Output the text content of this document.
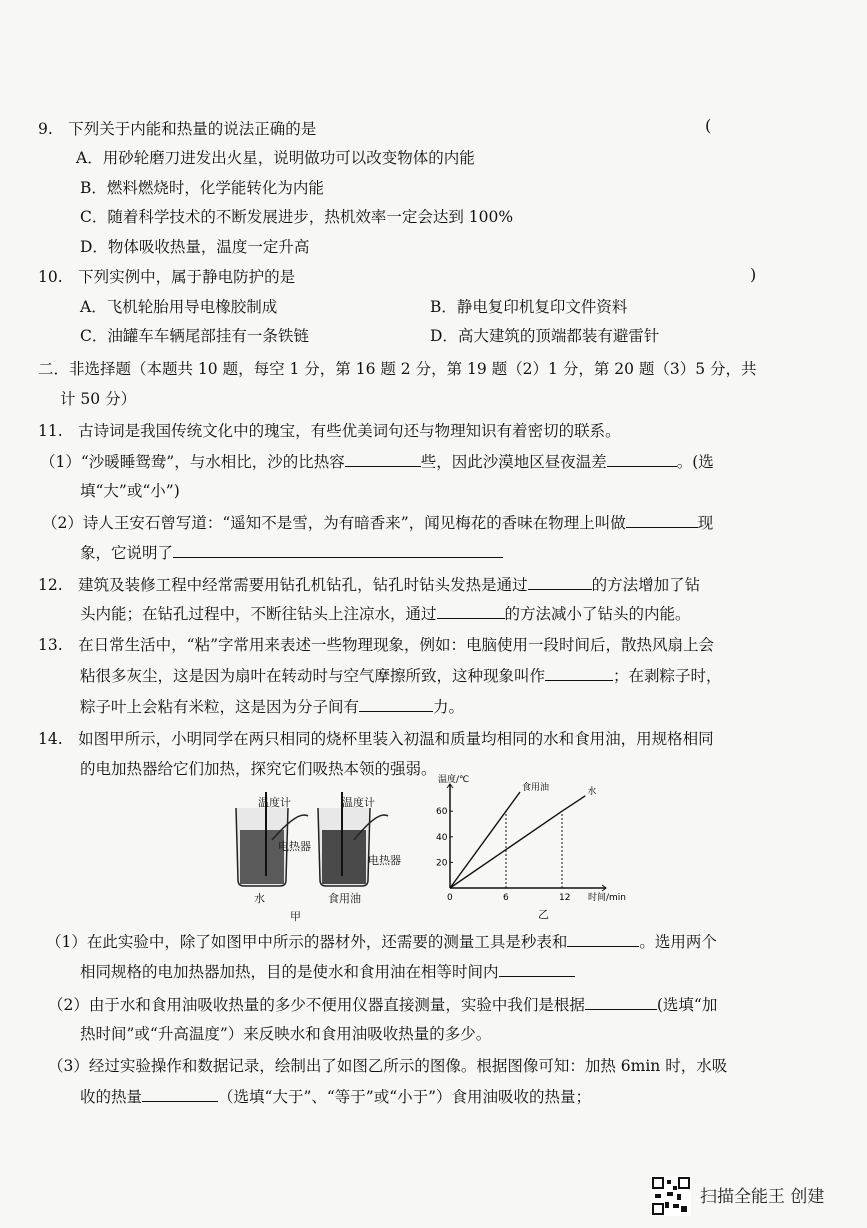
9. 下列关于内能和热量的说法正确的是	(
A．用砂轮磨刀进发出火星，说明做功可以改变物体的内能
B．燃料燃烧时，化学能转化为内能
C．随着科学技术的不断发展进步，热机效率一定会达到 100%
D．物体吸收热量，温度一定升高
10. 下列实例中，属于静电防护的是	)
A．飞机轮胎用导电橡胶制成	B．静电复印机复印文件资料
C．油罐车车辆尾部挂有一条铁链	D．高大建筑的顶端都装有避雷针
二．非选择题（本题共 10 题，每空 1 分，第 16 题 2 分，第 19 题（2）1 分，第 20 题（3）5 分，共
计 50 分）
11. 古诗词是我国传统文化中的瑰宝，有些优美词句还与物理知识有着密切的联系。
（1）“沙暖睡鸳鸯”，与水相比，沙的比热容	些，因此沙漠地区昼夜温差	。(选
填“大”或“小”)
（2）诗人王安石曾写道：“遥知不是雪，为有暗香来”，闻见梅花的香味在物理上叫做	现
象，它说明了
12. 建筑及装修工程中经常需要用钻孔机钻孔，钻孔时钻头发热是通过	的方法增加了钻
头内能；在钻孔过程中，不断往钻头上注凉水，通过	的方法减小了钻头的内能。
13. 在日常生活中，“粘”字常用来表述一些物理现象，例如：电脑使用一段时间后，散热风扇上会
粘很多灰尘，这是因为扇叶在转动时与空气摩擦所致，这种现象叫作	；在剥粽子时，
粽子叶上会粘有米粒，这是因为分子间有	力。
14. 如图甲所示，小明同学在两只相同的烧杯里装入初温和质量均相同的水和食用油，用规格相同
的电加热器给它们加热，探究它们吸热本领的强弱。
温度计	温度计
电热器
电热器
水	食用油
甲
温度/℃
时间/min
0	6	12
20
40
60
食用油	水
乙
（1）在此实验中，除了如图甲中所示的器材外，还需要的测量工具是秒表和	。选用两个
相同规格的电加热器加热，目的是使水和食用油在相等时间内
（2）由于水和食用油吸收热量的多少不便用仪器直接测量，实验中我们是根据	(选填“加
热时间”或“升高温度”）来反映水和食用油吸收热量的多少。
（3）经过实验操作和数据记录，绘制出了如图乙所示的图像。根据图像可知：加热 6min 时，水吸
收的热量	（选填“大于”、“等于”或“小于”）食用油吸收的热量；
扫描全能王 创建
